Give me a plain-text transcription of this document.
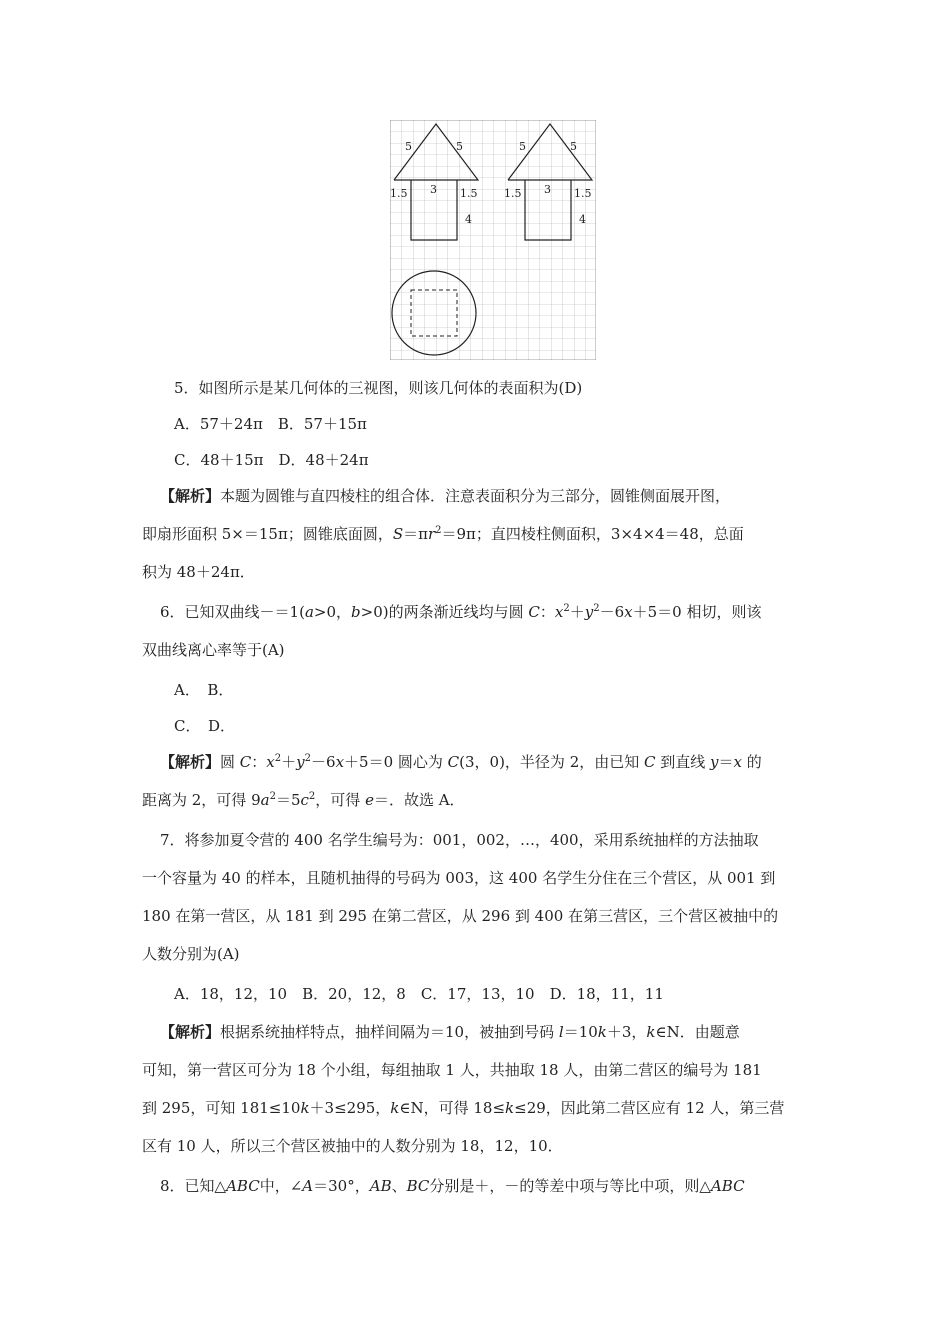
5	5
3
1.5	1.5
4
5	5
3
1.5	1.5
4
5．如图所示是某几何体的三视图，则该几何体的表面积为(D)
A．57＋24π　B．57＋15π
C．48＋15π　D．48＋24π
【解析】本题为圆锥与直四棱柱的组合体．注意表面积分为三部分，圆锥侧面展开图，
即扇形面积 5×＝15π；圆锥底面圆，$S=\pi r^2=9\pi$；直四棱柱侧面积，3×4×4＝48，总面
积为 48＋24π．
6．已知双曲线－＝1(a>0，b>0)的两条渐近线均与圆 C：$x^2+y^2-6x+5=0$ 相切，则该
双曲线离心率等于(A)
A．　B．
C．　D．
【解析】圆 C：$x^2+y^2-6x+5=0$ 圆心为 C(3，0)，半径为 2，由已知 C 到直线 y＝x 的
距离为 2，可得 $9a^2=5c^2$，可得 e＝．故选 A．
7．将参加夏令营的 400 名学生编号为：001，002，…，400，采用系统抽样的方法抽取
一个容量为 40 的样本，且随机抽得的号码为 003，这 400 名学生分住在三个营区，从 001 到
180 在第一营区，从 181 到 295 在第二营区，从 296 到 400 在第三营区，三个营区被抽中的
人数分别为(A)
A．18，12，10　B．20，12，8　C．17，13，10　D．18，11，11
【解析】根据系统抽样特点，抽样间隔为＝10，被抽到号码 l＝10k＋3，k∈N．由题意
可知，第一营区可分为 18 个小组，每组抽取 1 人，共抽取 18 人，由第二营区的编号为 181
到 295，可知 181≤10k＋3≤295，k∈N，可得 18≤k≤29，因此第二营区应有 12 人，第三营
区有 10 人，所以三个营区被抽中的人数分别为 18，12，10．
8．已知△ABC中，∠A＝30°，AB、BC分别是＋，－的等差中项与等比中项，则△ABC
